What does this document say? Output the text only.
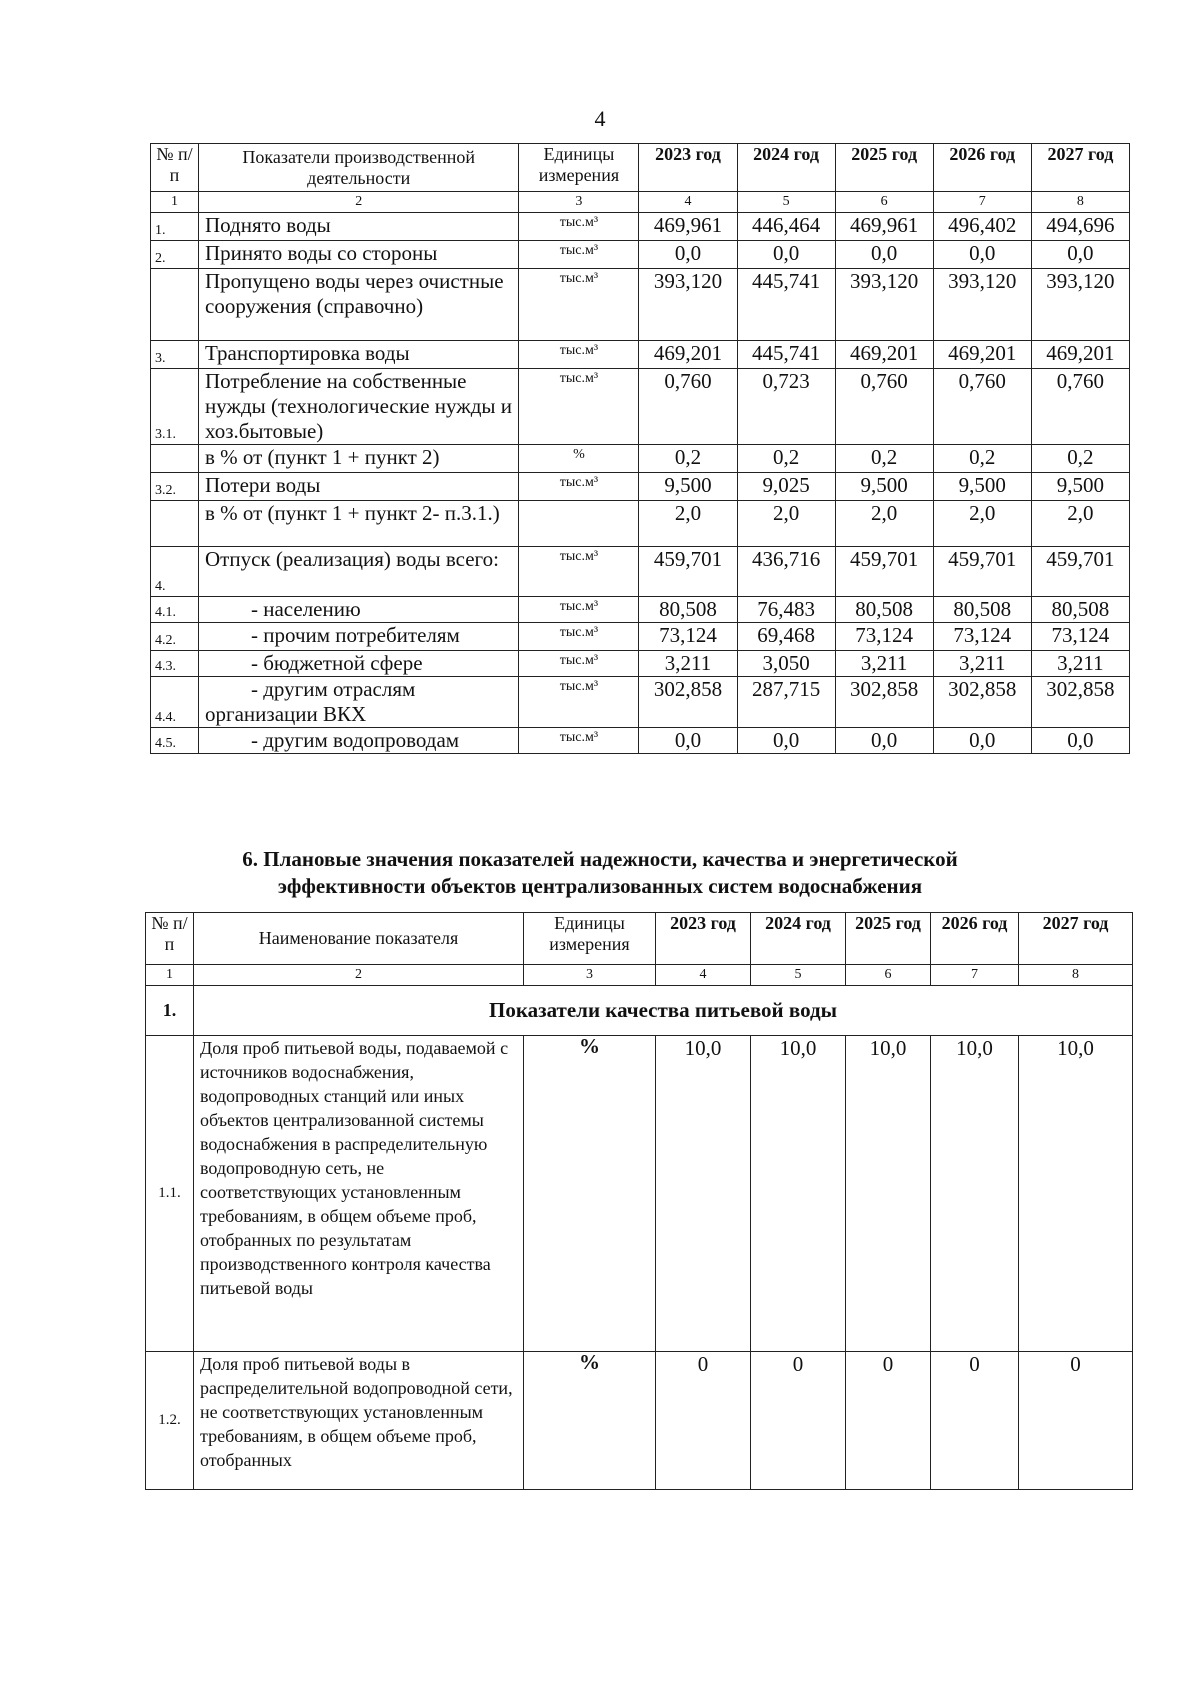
4
№ п/п	Показатели производственной деятельности	Единицы измерения	2023 год	2024 год	2025 год	2026 год	2027 год
1	2	3	4	5	6	7	8
1.	Поднято воды	тыс.м³	469,961	446,464	469,961	496,402	494,696
2.	Принято воды со стороны	тыс.м³	0,0	0,0	0,0	0,0	0,0
	Пропущено воды через очистные сооружения (справочно)	тыс.м³	393,120	445,741	393,120	393,120	393,120
3.	Транспортировка воды	тыс.м³	469,201	445,741	469,201	469,201	469,201
3.1.	Потребление на собственные нужды (технологические нужды и хоз.бытовые)	тыс.м³	0,760	0,723	0,760	0,760	0,760
	в % от (пункт 1 + пункт 2)	%	0,2	0,2	0,2	0,2	0,2
3.2.	Потери воды	тыс.м³	9,500	9,025	9,500	9,500	9,500
	в % от (пункт 1 + пункт 2- п.3.1.)		2,0	2,0	2,0	2,0	2,0
4.	Отпуск (реализация) воды всего:	тыс.м³	459,701	436,716	459,701	459,701	459,701
4.1.	- населению	тыс.м³	80,508	76,483	80,508	80,508	80,508
4.2.	- прочим потребителям	тыс.м³	73,124	69,468	73,124	73,124	73,124
4.3.	- бюджетной сфере	тыс.м³	3,211	3,050	3,211	3,211	3,211
4.4.	- другим отраслям организации ВКХ	тыс.м³	302,858	287,715	302,858	302,858	302,858
4.5.	- другим водопроводам	тыс.м³	0,0	0,0	0,0	0,0	0,0
6. Плановые значения показателей надежности, качества и энергетической
эффективности объектов централизованных систем водоснабжения
№ п/п	Наименование показателя	Единицы измерения	2023 год	2024 год	2025 год	2026 год	2027 год
1	2	3	4	5	6	7	8
1.	Показатели качества питьевой воды						
1.1.	Доля проб питьевой воды, подаваемой с источников водоснабжения, водопроводных станций или иных объектов централизованной системы водоснабжения в распределительную водопроводную сеть, не соответствующих установленным требованиям, в общем объеме проб, отобранных по результатам производственного контроля качества питьевой воды	%	10,0	10,0	10,0	10,0	10,0
1.2.	Доля проб питьевой воды в распределительной водопроводной сети, не соответствующих установленным требованиям, в общем объеме проб, отобранных	%	0	0	0	0	0
